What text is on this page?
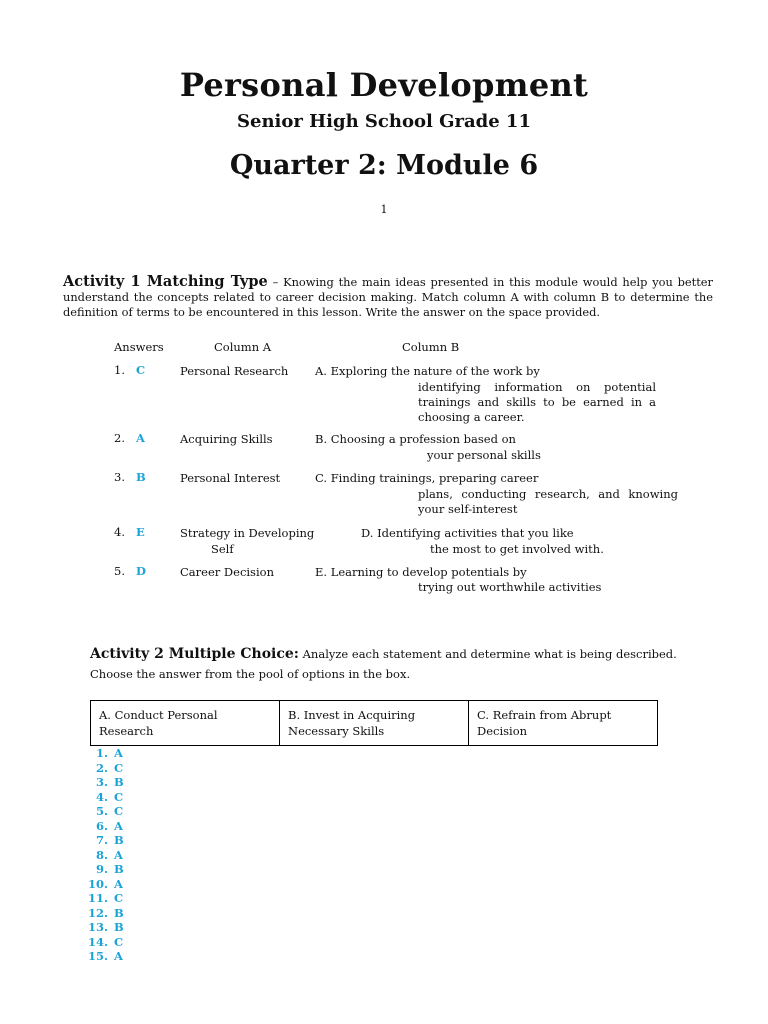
Personal Development
Senior High School Grade 11
Quarter 2: Module 6
1
Activity 1 Matching Type – Knowing the main ideas presented in this module would help you better understand the concepts related to career decision making. Match column A with column B to determine the definition of terms to be encountered in this lesson. Write the answer on the space provided.
Answers	Column A	Column B
1. C	Personal Research A. Exploring the nature of the work by
identifying information on potential trainings and skills to be earned in a choosing a career.
2. A	Acquiring Skills	B. Choosing a profession based on
your personal skills
3. B	Personal Interest	C. Finding trainings, preparing career
plans, conducting research, and knowing your self-interest
4. E	Strategy in Developing
Self
D. Identifying activities that you like
the most to get involved with.
5. D	Career Decision	E. Learning to develop potentials by
trying out worthwhile activities
Activity 2 Multiple Choice: Analyze each statement and determine what is being described.
Choose the answer from the pool of options in the box.
A. Conduct Personal Research
B. Invest in Acquiring Necessary Skills
C. Refrain from Abrupt Decision
1. A
2. C
3. B
4. C
5. C
6. A
7. B
8. A
9. B
10. A
11. C
12. B
13. B
14. C
15. A
